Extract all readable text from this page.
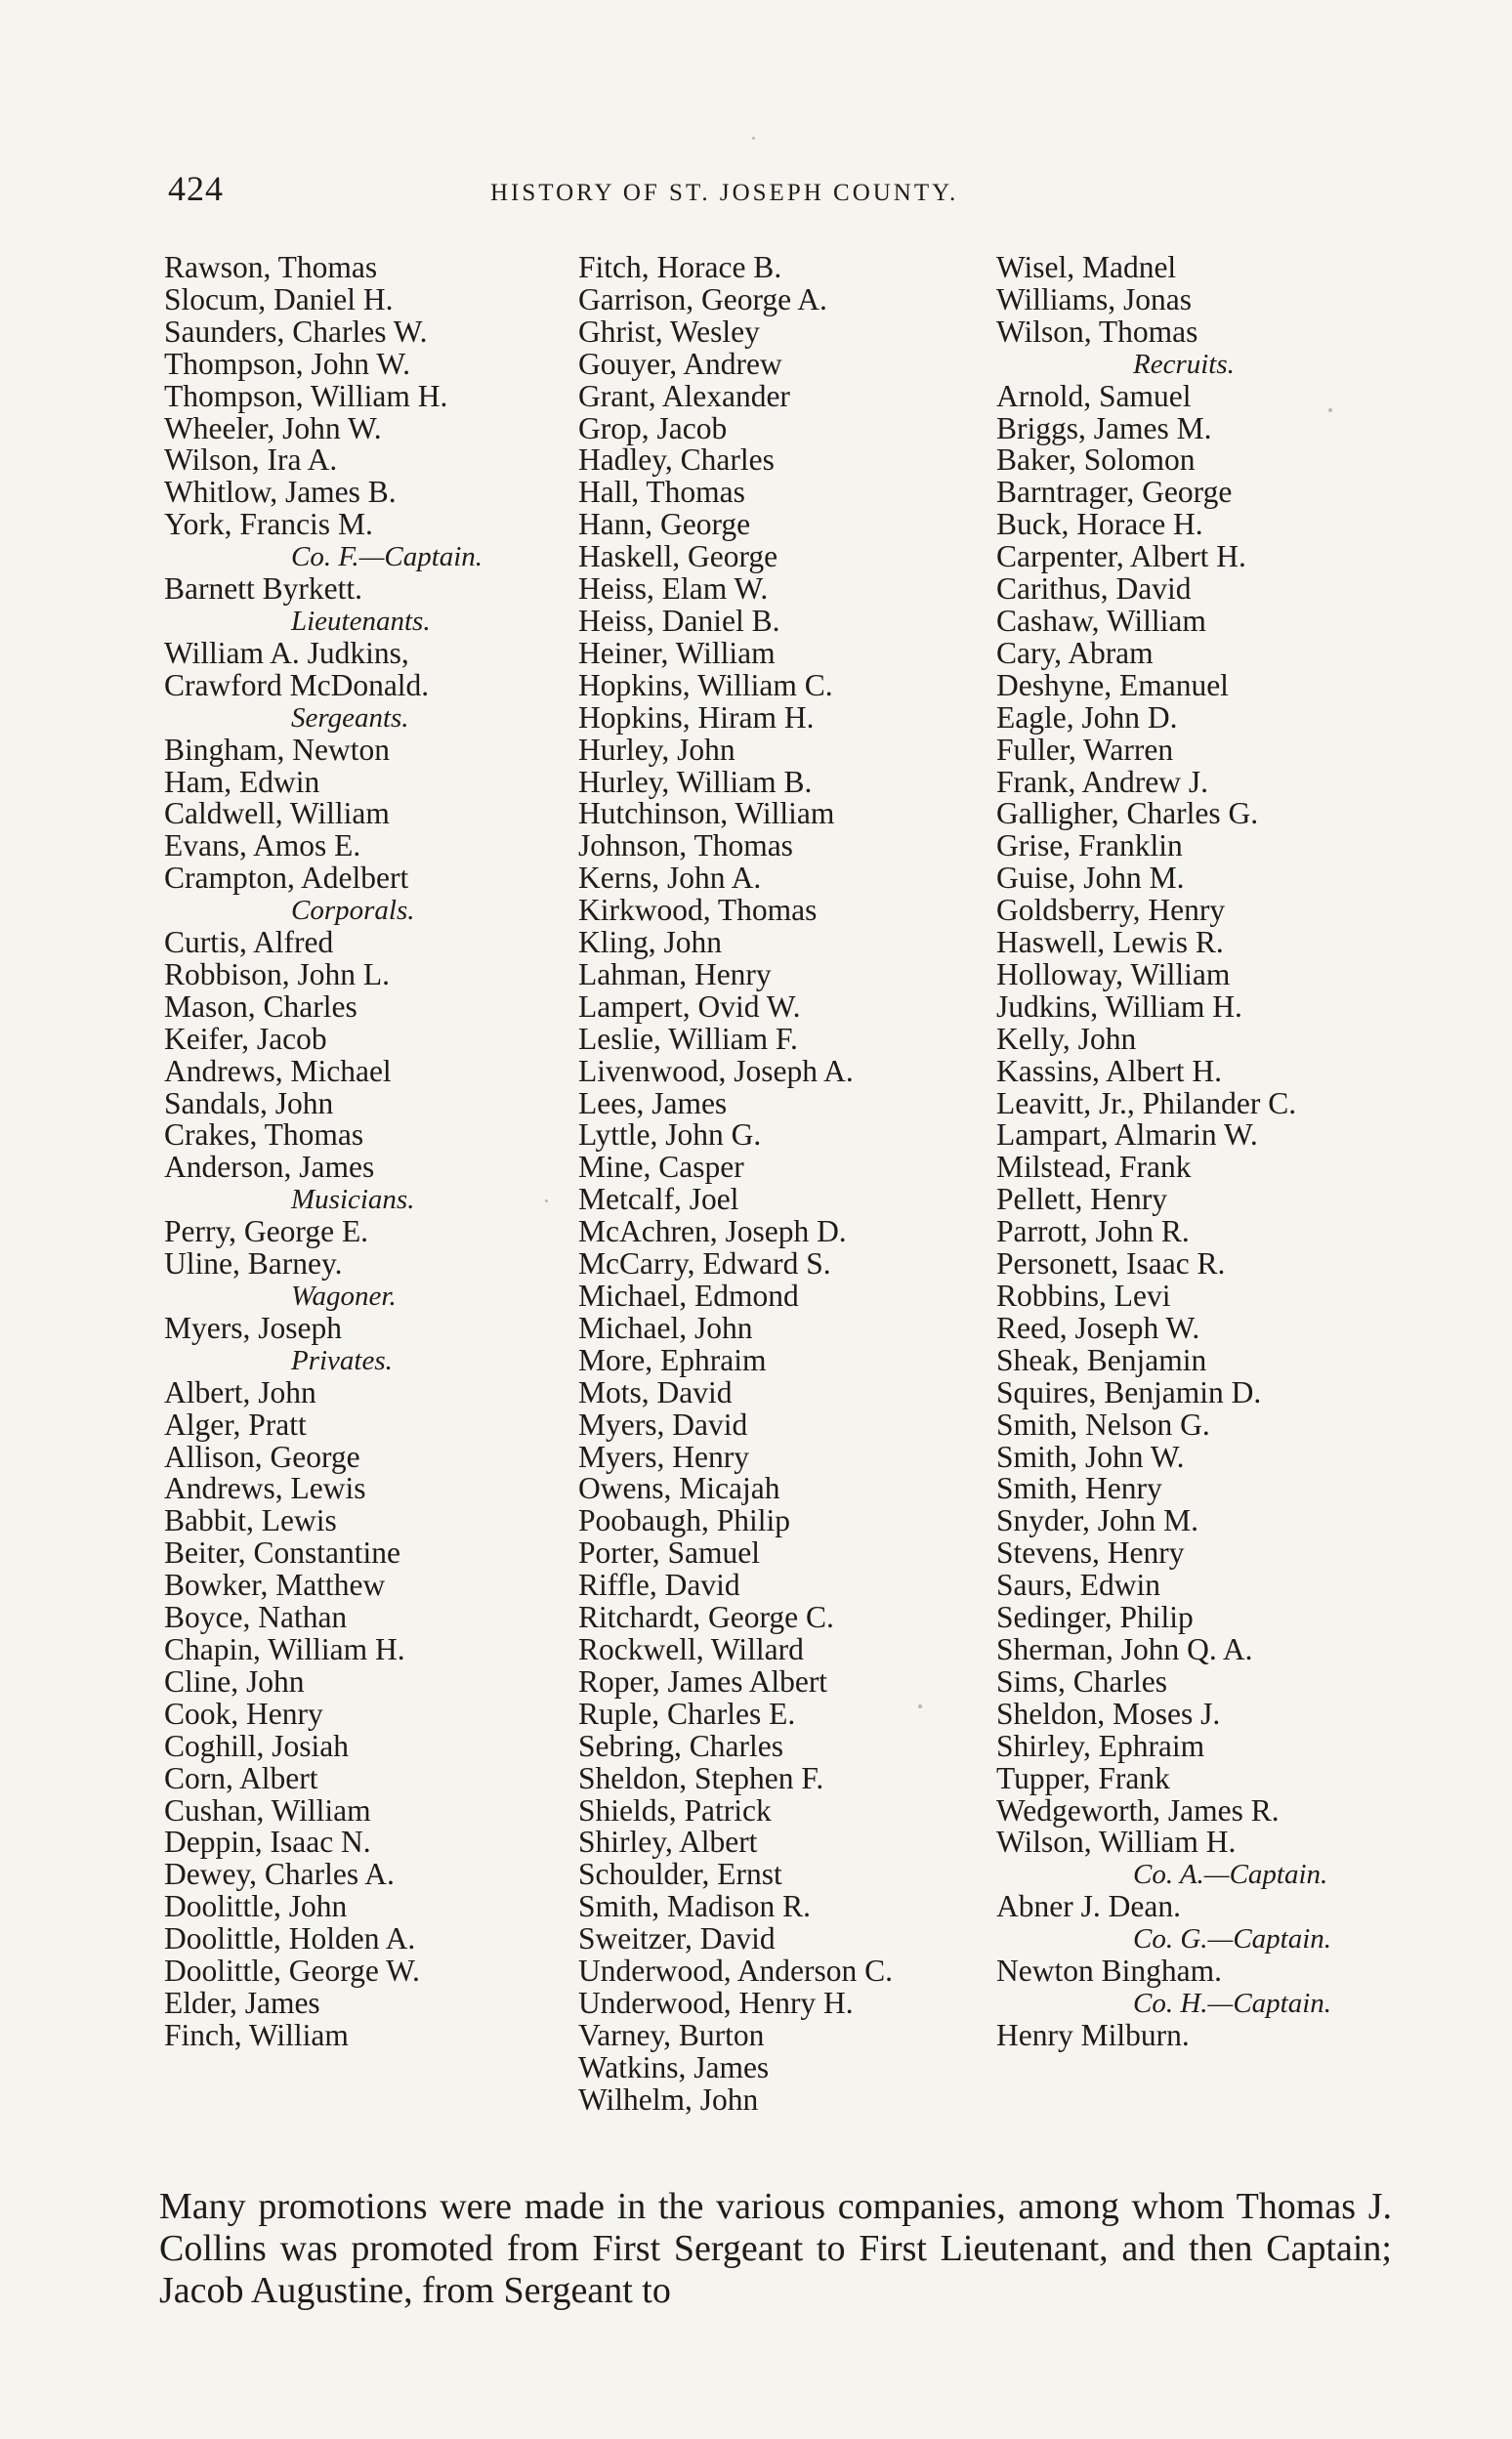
424	HISTORY OF ST. JOSEPH COUNTY.
Rawson, Thomas
Slocum, Daniel H.
Saunders, Charles W.
Thompson, John W.
Thompson, William H.
Wheeler, John W.
Wilson, Ira A.
Whitlow, James B.
York, Francis M.
Co. F.—Captain.
Barnett Byrkett.
Lieutenants.
William A. Judkins,
Crawford McDonald.
Sergeants.
Bingham, Newton
Ham, Edwin
Caldwell, William
Evans, Amos E.
Crampton, Adelbert
Corporals.
Curtis, Alfred
Robbison, John L.
Mason, Charles
Keifer, Jacob
Andrews, Michael
Sandals, John
Crakes, Thomas
Anderson, James
Musicians.
Perry, George E.
Uline, Barney.
Wagoner.
Myers, Joseph
Privates.
Albert, John
Alger, Pratt
Allison, George
Andrews, Lewis
Babbit, Lewis
Beiter, Constantine
Bowker, Matthew
Boyce, Nathan
Chapin, William H.
Cline, John
Cook, Henry
Coghill, Josiah
Corn, Albert
Cushan, William
Deppin, Isaac N.
Dewey, Charles A.
Doolittle, John
Doolittle, Holden A.
Doolittle, George W.
Elder, James
Finch, William
Fitch, Horace B.
Garrison, George A.
Ghrist, Wesley
Gouyer, Andrew
Grant, Alexander
Grop, Jacob
Hadley, Charles
Hall, Thomas
Hann, George
Haskell, George
Heiss, Elam W.
Heiss, Daniel B.
Heiner, William
Hopkins, William C.
Hopkins, Hiram H.
Hurley, John
Hurley, William B.
Hutchinson, William
Johnson, Thomas
Kerns, John A.
Kirkwood, Thomas
Kling, John
Lahman, Henry
Lampert, Ovid W.
Leslie, William F.
Livenwood, Joseph A.
Lees, James
Lyttle, John G.
Mine, Casper
Metcalf, Joel
McAchren, Joseph D.
McCarry, Edward S.
Michael, Edmond
Michael, John
More, Ephraim
Mots, David
Myers, David
Myers, Henry
Owens, Micajah
Poobaugh, Philip
Porter, Samuel
Riffle, David
Ritchardt, George C.
Rockwell, Willard
Roper, James Albert
Ruple, Charles E.
Sebring, Charles
Sheldon, Stephen F.
Shields, Patrick
Shirley, Albert
Schoulder, Ernst
Smith, Madison R.
Sweitzer, David
Underwood, Anderson C.
Underwood, Henry H.
Varney, Burton
Watkins, James
Wilhelm, John
Wisel, Madnel
Williams, Jonas
Wilson, Thomas
Recruits.
Arnold, Samuel
Briggs, James M.
Baker, Solomon
Barntrager, George
Buck, Horace H.
Carpenter, Albert H.
Carithus, David
Cashaw, William
Cary, Abram
Deshyne, Emanuel
Eagle, John D.
Fuller, Warren
Frank, Andrew J.
Galligher, Charles G.
Grise, Franklin
Guise, John M.
Goldsberry, Henry
Haswell, Lewis R.
Holloway, William
Judkins, William H.
Kelly, John
Kassins, Albert H.
Leavitt, Jr., Philander C.
Lampart, Almarin W.
Milstead, Frank
Pellett, Henry
Parrott, John R.
Personett, Isaac R.
Robbins, Levi
Reed, Joseph W.
Sheak, Benjamin
Squires, Benjamin D.
Smith, Nelson G.
Smith, John W.
Smith, Henry
Snyder, John M.
Stevens, Henry
Saurs, Edwin
Sedinger, Philip
Sherman, John Q. A.
Sims, Charles
Sheldon, Moses J.
Shirley, Ephraim
Tupper, Frank
Wedgeworth, James R.
Wilson, William H.
Co. A.—Captain.
Abner J. Dean.
Co. G.—Captain.
Newton Bingham.
Co. H.—Captain.
Henry Milburn.

Many promotions were made in the various companies, among whom Thomas J. Collins was promoted from First Sergeant to First Lieutenant, and then Captain; Jacob Augustine, from Sergeant to
